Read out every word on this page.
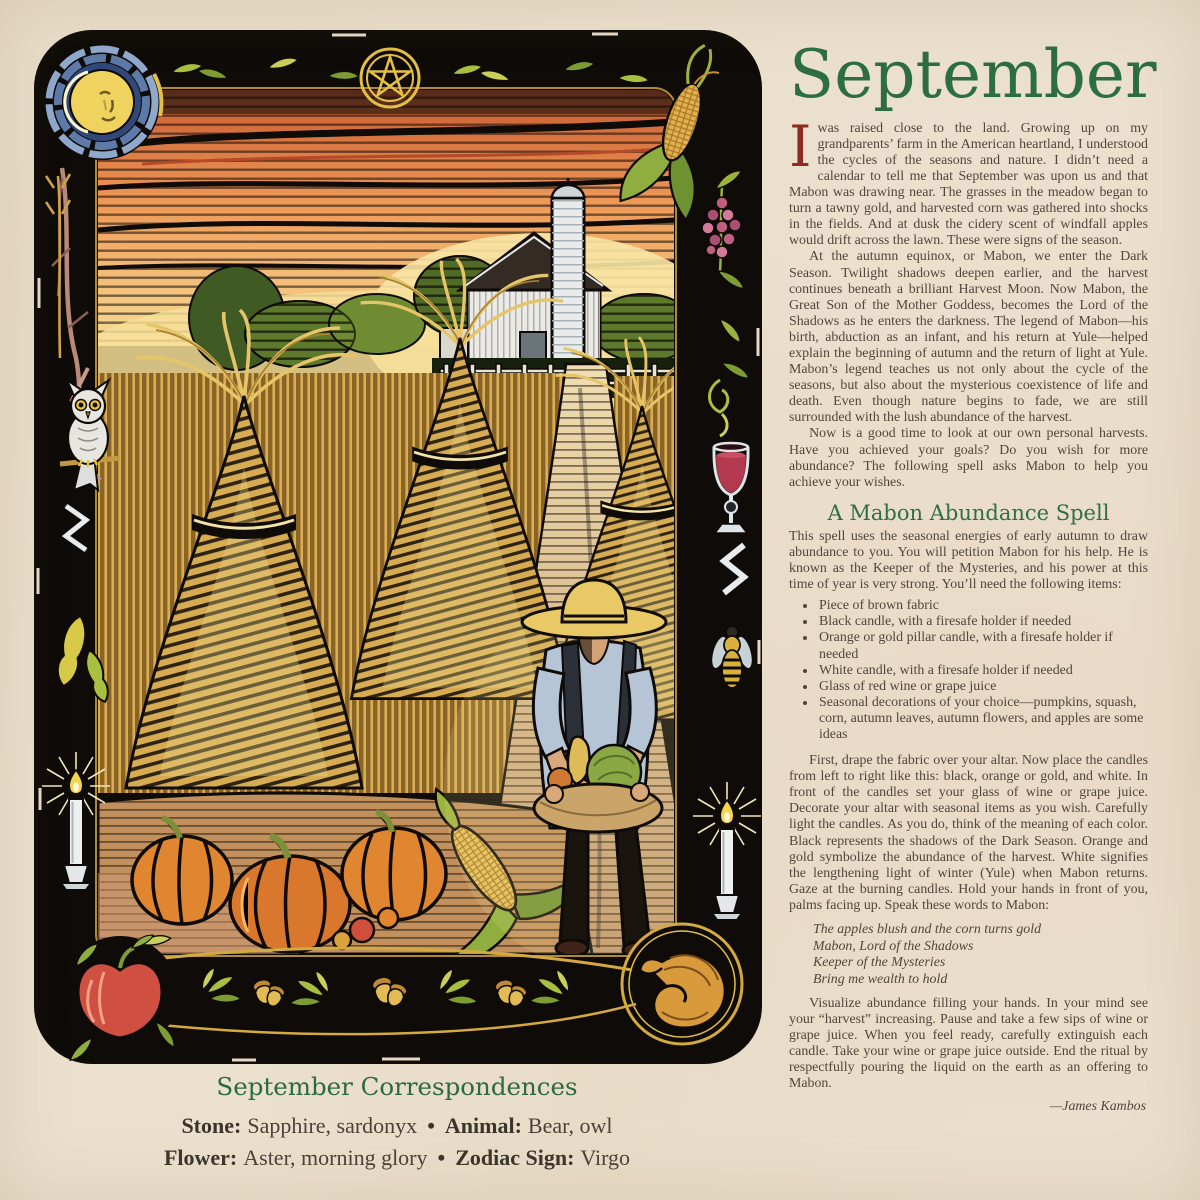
September Correspondences
Stone: Sapphire, sardonyx • Animal: Bear, owl
Flower: Aster, morning glory • Zodiac Sign: Virgo
September

Iwas raised close to the land. Growing up on my grandparents’ farm in the American heartland, I understood the cycles of the seasons and nature. I didn’t need a calendar to tell me that September was upon us and that Mabon was drawing near. The grasses in the meadow began to turn a tawny gold, and harvested corn was gathered into shocks in the fields. And at dusk the cidery scent of windfall apples would drift across the lawn. These were signs of the season.

At the autumn equinox, or Mabon, we enter the Dark Season. Twilight shadows deepen earlier, and the harvest continues beneath a brilliant Harvest Moon. Now Mabon, the Great Son of the Mother Goddess, becomes the Lord of the Shadows as he enters the darkness. The legend of Mabon—his birth, abduction as an infant, and his return at Yule—helped explain the beginning of autumn and the return of light at Yule. Mabon’s legend teaches us not only about the cycle of the seasons, but also about the mysterious coexistence of life and death. Even though nature begins to fade, we are still surrounded with the lush abundance of the harvest.

Now is a good time to look at our own personal harvests. Have you achieved your goals? Do you wish for more abundance? The following spell asks Mabon to help you achieve your wishes.

A Mabon Abundance Spell

This spell uses the seasonal energies of early autumn to draw abundance to you. You will petition Mabon for his help. He is known as the Keeper of the Mysteries, and his power at this time of year is very strong. You’ll need the following items:

• Piece of brown fabric
• Black candle, with a firesafe holder if needed
• Orange or gold pillar candle, with a firesafe holder if needed
• White candle, with a firesafe holder if needed
• Glass of red wine or grape juice
• Seasonal decorations of your choice—pumpkins, squash, corn, autumn leaves, autumn flowers, and apples are some ideas

First, drape the fabric over your altar. Now place the candles from left to right like this: black, orange or gold, and white. In front of the candles set your glass of wine or grape juice. Decorate your altar with seasonal items as you wish. Carefully light the candles. As you do, think of the meaning of each color. Black represents the shadows of the Dark Season. Orange and gold symbolize the abundance of the harvest. White signifies the lengthening light of winter (Yule) when Mabon returns. Gaze at the burning candles. Hold your hands in front of you, palms facing up. Speak these words to Mabon:

The apples blush and the corn turns gold
Mabon, Lord of the Shadows
Keeper of the Mysteries
Bring me wealth to hold

Visualize abundance filling your hands. In your mind see your “harvest” increasing. Pause and take a few sips of wine or grape juice. When you feel ready, carefully extinguish each candle. Take your wine or grape juice outside. End the ritual by respectfully pouring the liquid on the earth as an offering to Mabon.

—James Kambos
